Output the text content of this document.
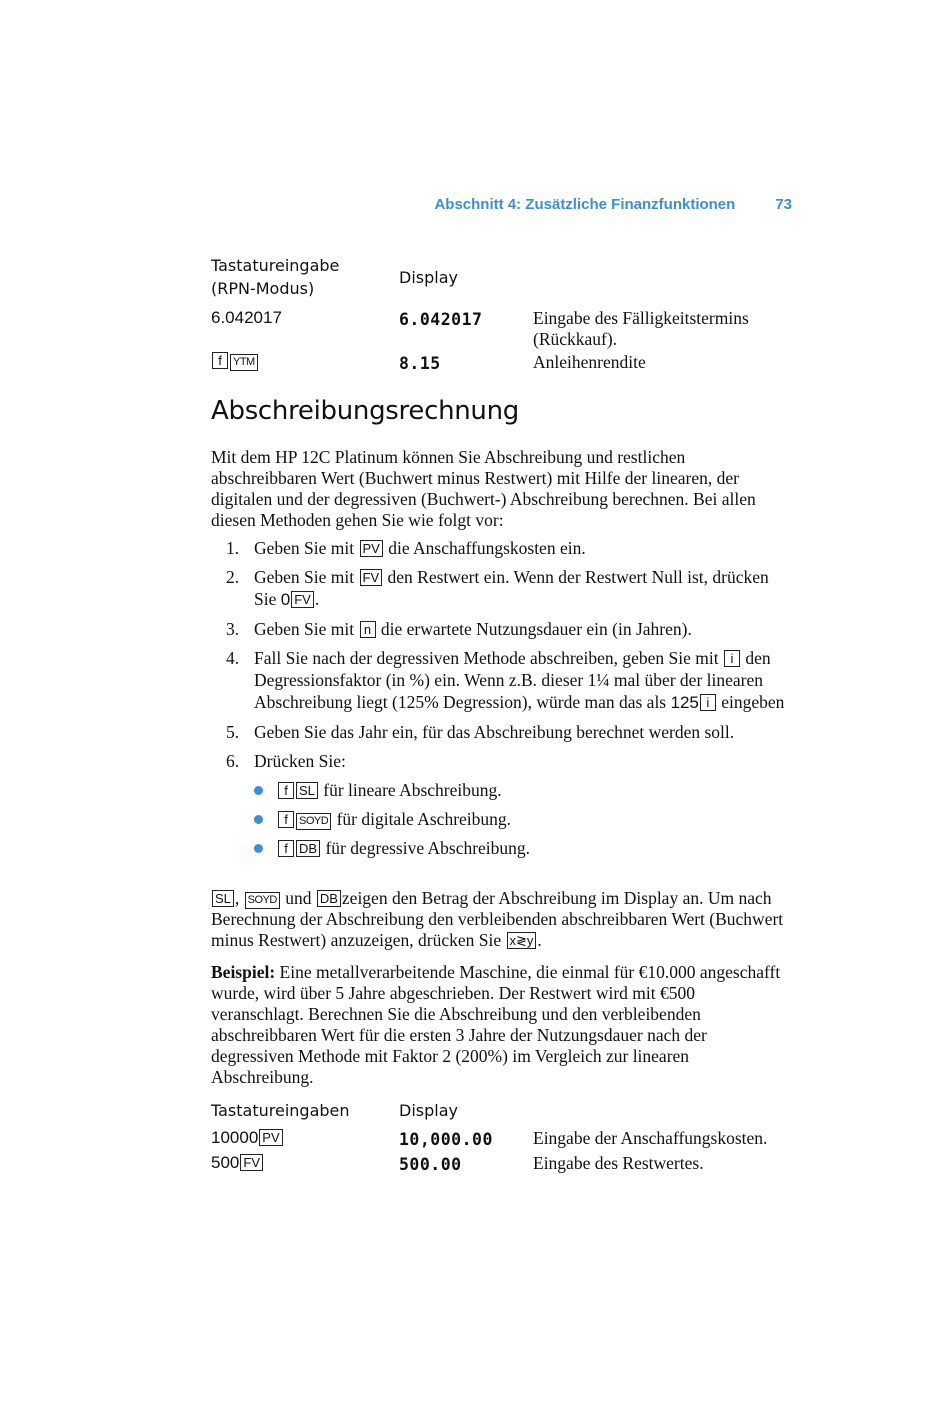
Abschnitt 4: Zusätzliche Finanzfunktionen	73
Tastatureingabe (RPN-Modus)
Display
6.042017	6.042017	Eingabe des Fälligkeitstermins (Rückkauf).
f YTM	8.15	Anleihenrendite
Abschreibungsrechnung
Mit dem HP 12C Platinum können Sie Abschreibung und restlichen abschreibbaren Wert (Buchwert minus Restwert) mit Hilfe der linearen, der digitalen und der degressiven (Buchwert-) Abschreibung berechnen. Bei allen diesen Methoden gehen Sie wie folgt vor:
1. Geben Sie mit PV die Anschaffungskosten ein.
2. Geben Sie mit FV den Restwert ein. Wenn der Restwert Null ist, drücken Sie 0 FV .
3. Geben Sie mit n die erwartete Nutzungsdauer ein (in Jahren).
4. Fall Sie nach der degressiven Methode abschreiben, geben Sie mit i den Degressionsfaktor (in %) ein. Wenn z.B. dieser 1¼ mal über der linearen Abschreibung liegt (125% Degression), würde man das als 125 i eingeben
5. Geben Sie das Jahr ein, für das Abschreibung berechnet werden soll.
6. Drücken Sie:
f SL für lineare Abschreibung.
f SOYD für digitale Aschreibung.
f DB für degressive Abschreibung.
SL , SOYD und DB zeigen den Betrag der Abschreibung im Display an. Um nach Berechnung der Abschreibung den verbleibenden abschreibbaren Wert (Buchwert minus Restwert) anzuzeigen, drücken Sie x≷y .
Beispiel: Eine metallverarbeitende Maschine, die einmal für €10.000 angeschafft wurde, wird über 5 Jahre abgeschrieben. Der Restwert wird mit €500 veranschlagt. Berechnen Sie die Abschreibung und den verbleibenden abschreibbaren Wert für die ersten 3 Jahre der Nutzungsdauer nach der degressiven Methode mit Faktor 2 (200%) im Vergleich zur linearen Abschreibung.
Tastatureingaben	Display
10000 PV	10,000.00 Eingabe der Anschaffungskosten.
500 FV	500.00	Eingabe des Restwertes.
